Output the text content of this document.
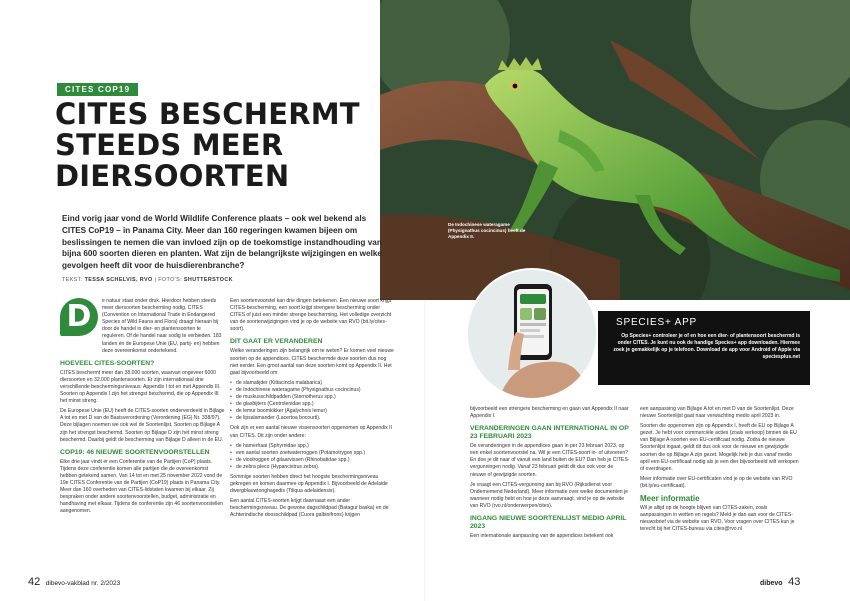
De Indochinese wateragame (Physignathus cocincinus) heeft de Appendix II.
CITES COP19
CITES BESCHERMT
STEEDS MEER
DIERSOORTEN

Eind vorig jaar vond de World Wildlife Conference plaats – ook wel bekend als CITES CoP19 – in Panama City. Meer dan 160 regeringen kwamen bijeen om beslissingen te nemen die van invloed zijn op de toekomstige instandhouding van bijna 600 soorten dieren en planten. Wat zijn de belangrijkste wijzigingen en welke gevolgen heeft dit voor de huisdierenbranche?

TEKST: TESSA SCHELVIS, RVO | FOTO'S: SHUTTERSTOCK
D	e natuur staat onder druk. Hierdoor hebben steeds meer diersoorten bescherming nodig. CITES (Convention on International Trade in Endangered Species of Wild Fauna and Flora) draagt hieraan bij door de handel in dier- en plantensoorten te reguleren. Of de handel naar sodig te verbieden. 183 landen én de Europese Unie (EU, partij- en) hebben deze overeenkomst ondertekend.

HOEVEEL CITES-SOORTEN?

CITES beschermt meer dan 38.000 soorten, waarvan ongeveer 6000 diersoorten en 32.000 plantensoorten. Er zijn internationaal drie verschillende beschermingsniveaus: Appendix I tot en met Appendix III. Soorten op Appendix I zijn het strengst beschermd, die op Appendix III het minst streng.

De Europese Unie (EU) heeft de CITES-soorten onderverdeeld in Bijlage A tot en met D van de Basisverordening (Verordening (EG) Nr. 338/97). Deze bijlagen noemen we ook wel de Soortenlijst. Soorten op Bijlage A zijn het strengst beschermd. Soorten op Bijlage D zijn het minst streng beschermd. Daarbij geldt de bescherming van Bijlage D alleen in de EU.

COP19: 46 NIEUWE SOORTENVOORSTELLEN

Elke drie jaar vindt er een Conferentie van de Partijen (CoP) plaats. Tijdens deze conferentie komen alle partijen die de overeenkomst hebben getekend samen. Van 14 tot en met 25 november 2022 vond de 19e CITES Conferentie van de Partijen (CoP19) plaats in Panama City. Meer dan 160 overheden van CITES-lidstaten kwamen bij elkaar. Zij bespraken onder andere soortenvoorstellen, budget, administratie en handhaving met elkaar. Tijdens de conferentie zijn 46 soortenvoorstellen aangenomen.

Een soortenvoorstel kan drie dingen betekenen. Een nieuwe soort krijgt CITES-bescherming, een soort krijgt strengere bescherming onder CITES of juist een minder strenge bescherming. Het volledige overzicht van de soortenwijzigingen vind je op de website van RVO (bit.ly/cites-soort).

DIT GAAT ER VERANDEREN

Welke veranderingen zijn belangrijk om te weten? Er komen veel nieuwe soorten op de appendices. CITES beschermde deze soorten dus nog niet eerder. Een groot aantal van deze soorten komt op Appendix II. Het gaat bijvoorbeeld om:

• de slamatijder (Kittacincla malabarica)
• de Indochinese wateragame (Physignathus cocincinus)
• de muskusschildpadden (Sternotherus spp.)
• de glasbijters (Centrolenidae spp.)
• de lemur boomkikker (Agalychnis lemur)
• de lipsalamander (Lacertoa bocourti).

Ook zijn er een aantal nieuwe vissensoorten opgenomen op Appendix II van CITES. Dit zijn onder andere:

• de hamerhaai (Sphyrnidae spp.)
• een aantal soorten zoetwaterroggen (Potamotrygon spp.)
• de vioolroggen of gitaarvissen (Rhinobatidae spp.)
• de zebra pleco (Hypancistrus zebra).

Sommige soorten hebben direct het hoogste beschermingsniveau gekregen en komen daarmee op Appendix I. Bijvoorbeeld de Adelaide dwergblauwtonghagedis (Tiliqua adelaidensis).

Een aantal CITES-soorten krijgt daarnaast een ander beschermingsniveau. De gewone dagschildpad (Batagur baska) en de Achterindische doosschildpad (Cuora galbinifrons) krijgen

SPECIES+ APP
Op Species+ controleer je of en hoe een dier- of plantensoort beschermd is onder CITES. Je kunt nu ook de handige Species+ app downloaden. Hiermee zoek je gemakkelijk op je telefoon. Download de app voor Android of Apple via speciesplus.net

bijvoorbeeld een strengere bescherming en gaan van Appendix II naar Appendix I.

VERANDERINGEN GAAN INTERNATIONAL IN OP 23 FEBRUARI 2023

De veranderingen in de appendices gaan in per 23 februari 2023, op een enkel soortenvoorstel na. Wil je een CITES-soort in- of uitvoeren? En doe je dit naar of vanuit een land buiten de EU? Dan heb je CITES-vergunningen nodig. Vanaf 23 februari geldt dit dus ook voor de nieuwe of gewijzigde soorten.

Je vraagt een CITES-vergunning aan bij RVO (Rijksdienst voor Ondernemend Nederland). Meer informatie over welke documenten je wanneer nodig hebt en hoe je deze aanvraagt, vind je op de website van RVO (rvo.nl/onderwerpen/cites).

INGANG NIEUWE SOORTENLIJST MEDIO APRIL 2023

Een internationale aanpassing van de appendices betekent ook

een aanpassing van Bijlage A tot en met D van de Soortenlijst. Deze nieuwe Soortenlijst gaat naar verwachting medio april 2023 in.

Soorten die opgenomen zijn op Appendix I, heeft de EU op Bijlage A gezet. Je hebt voor commerciële acties (zoals verkoop) binnen de EU van Bijlage A-soorten een EU-certificaat nodig. Zodra de nieuwe Soortenlijst ingaat, geldt dit dus ook voor de nieuwe en gewijzigde soorten die op Bijlage A zijn gezet. Mogelijk heb je dus vanaf medio april een EU-certificaat nodig als je een dier bijvoorbeeld wilt verkopen of overdragen.

Meer informatie over EU-certificaten vind je op de website van RVO (bit.ly/eu-certificaat).

Meer informatie

Wil je altijd op de hoogte blijven van CITES-zaken, zoals aanpassingen in wetten en regels? Meld je dan aan voor de CITES-nieuwsbrief via de website van RVO. Voor vragen over CITES kun je terecht bij het CITES-bureau via cites@rvo.nl

42 dibevo-vakblad nr. 2/2023	dibevo 43
